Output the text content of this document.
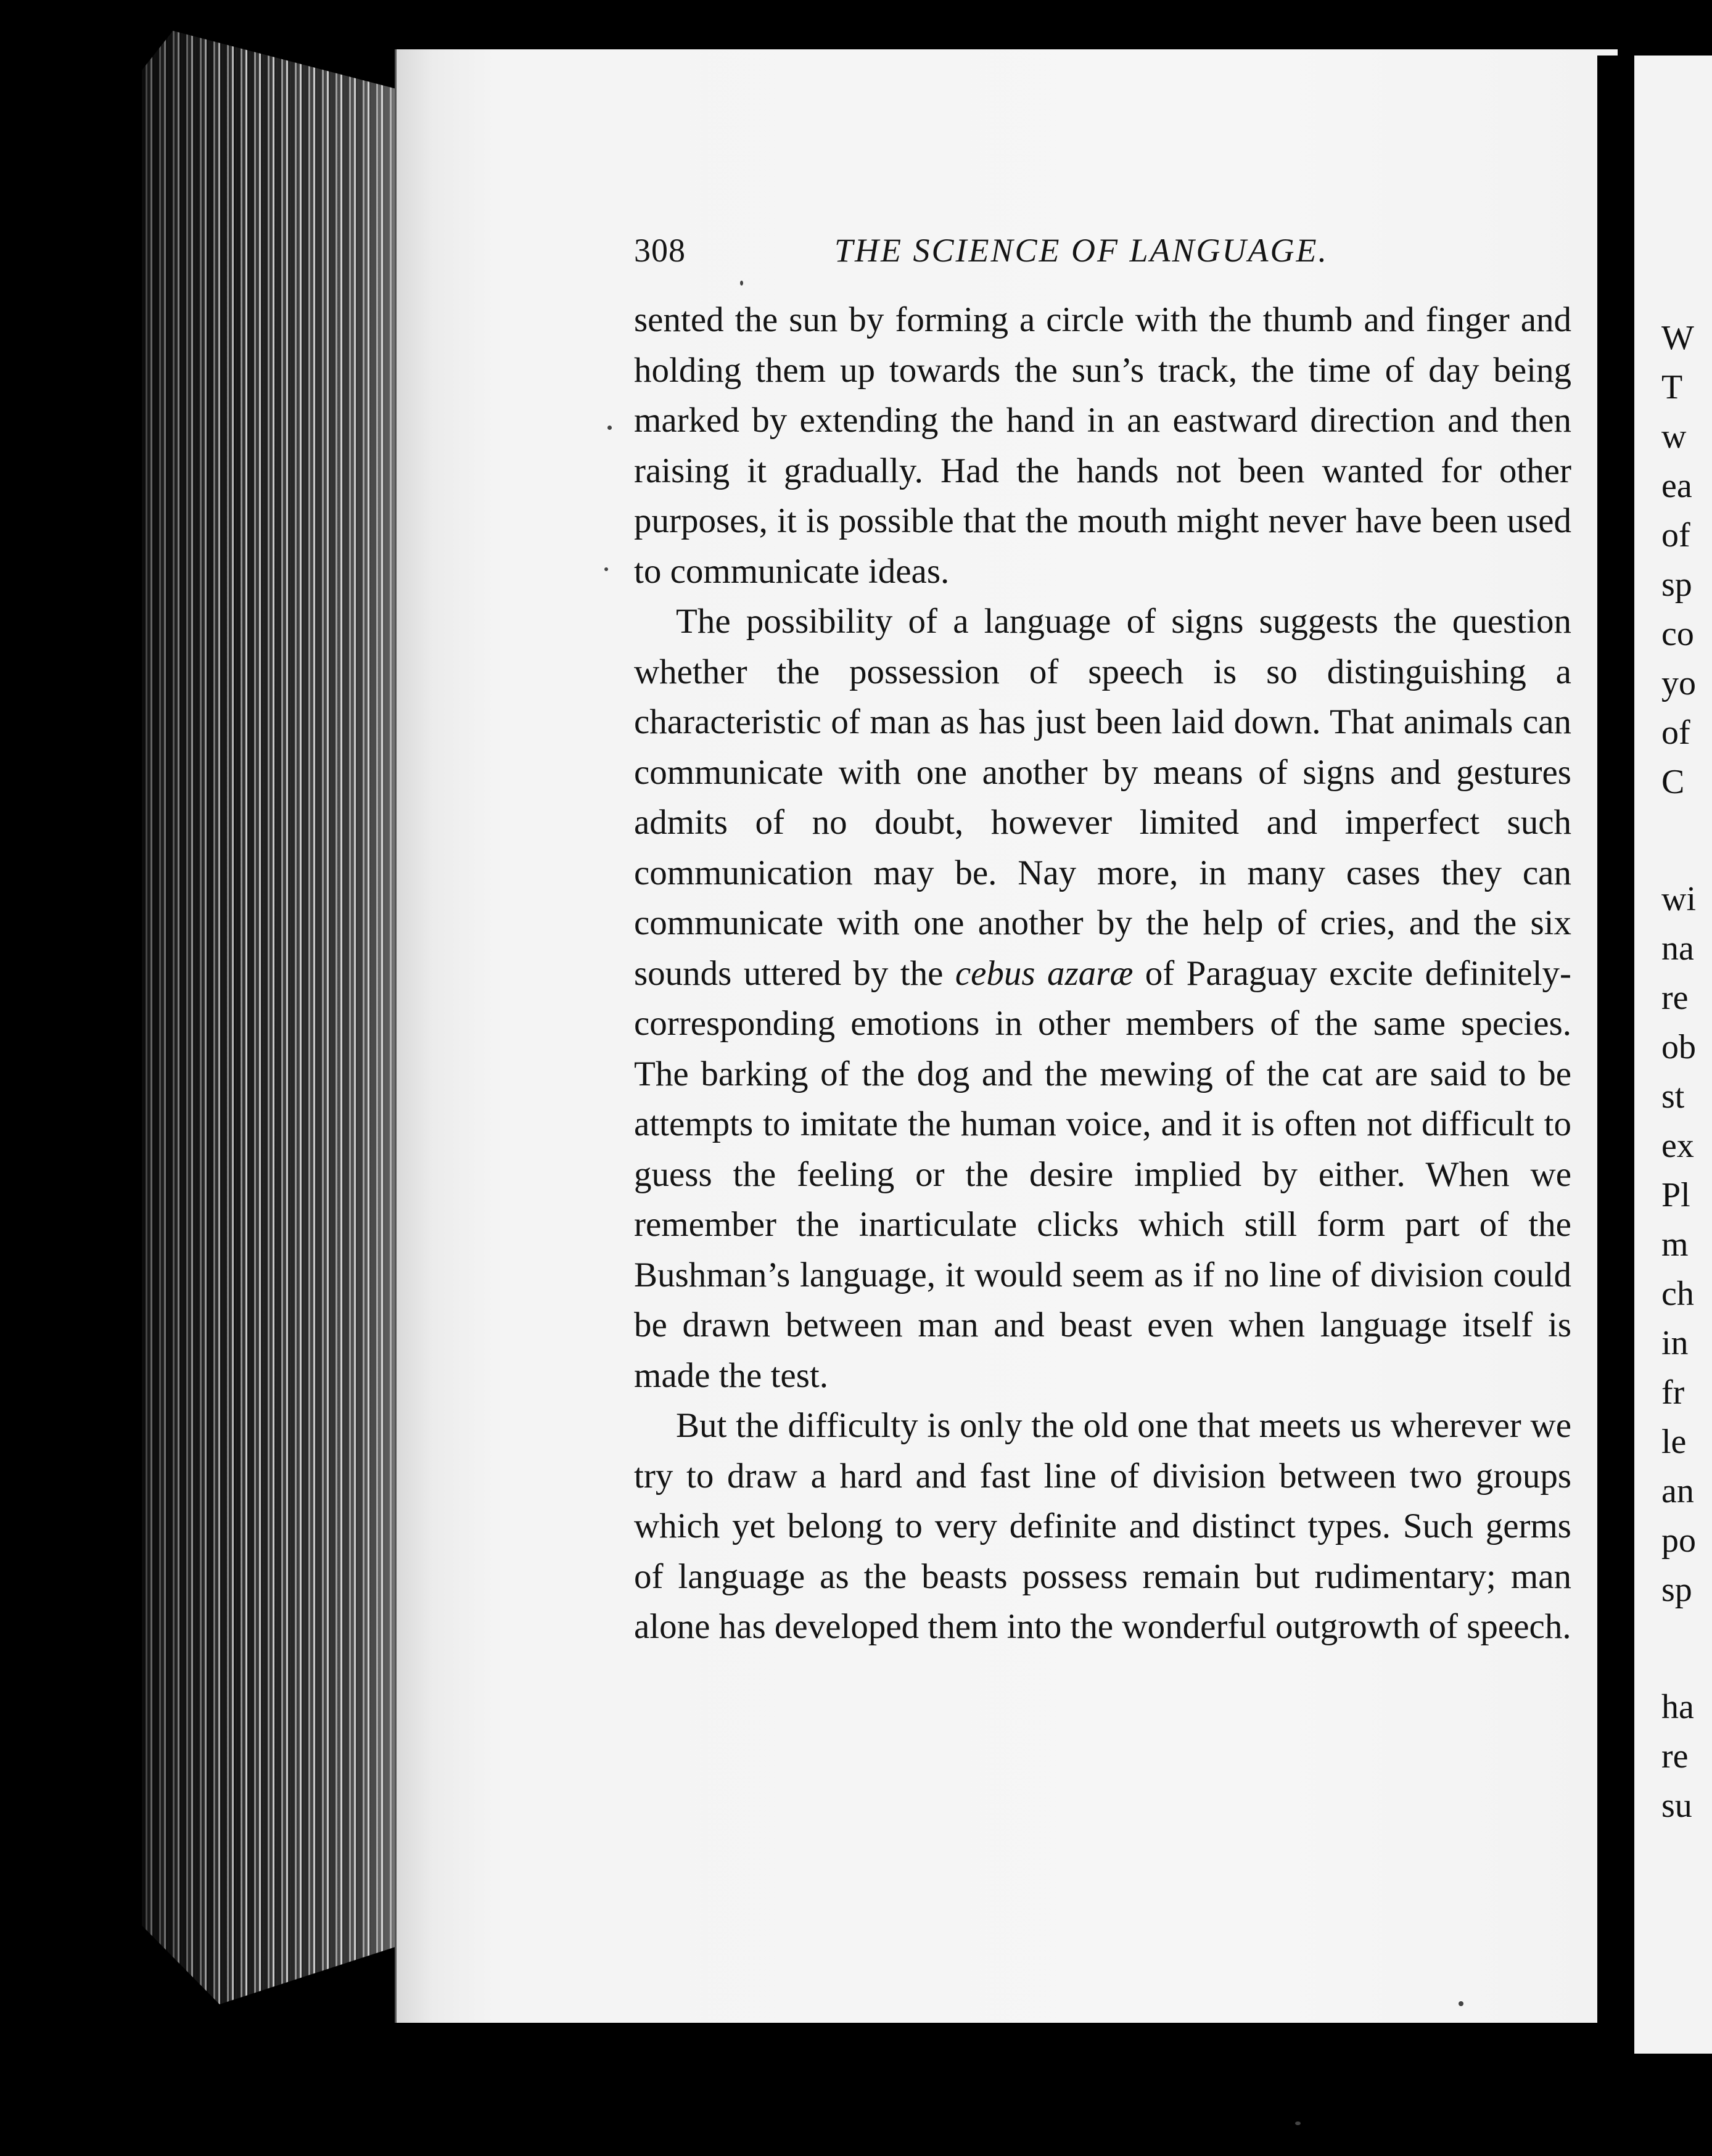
W
T
w
ea
of
sp
co
yo
of
C
wi
na
re
ob
st
ex
Pl
m
ch
in
fr
le
an
po
sp
ha
re
su
308	THE SCIENCE OF LANGUAGE.

sented the sun by forming a circle with the thumb and finger and holding them up towards the sun’s track, the time of day being marked by extending the hand in an eastward direction and then raising it gradually. Had the hands not been wanted for other purposes, it is possible that the mouth might never have been used to communicate ideas.

The possibility of a language of signs suggests the question whether the possession of speech is so distinguishing a characteristic of man as has just been laid down. That animals can communicate with one another by means of signs and gestures admits of no doubt, however limited and imperfect such communication may be. Nay more, in many cases they can communicate with one another by the help of cries, and the six sounds uttered by the cebus azaræ of Paraguay excite definitely-corresponding emotions in other members of the same species. The barking of the dog and the mewing of the cat are said to be attempts to imitate the human voice, and it is often not difficult to guess the feeling or the desire implied by either. When we remember the inarticulate clicks which still form part of the Bushman’s language, it would seem as if no line of division could be drawn between man and beast even when language itself is made the test.

But the difficulty is only the old one that meets us wherever we try to draw a hard and fast line of division between two groups which yet belong to very definite and distinct types. Such germs of language as the beasts possess remain but rudimentary; man alone has developed them into the wonderful outgrowth of speech.
